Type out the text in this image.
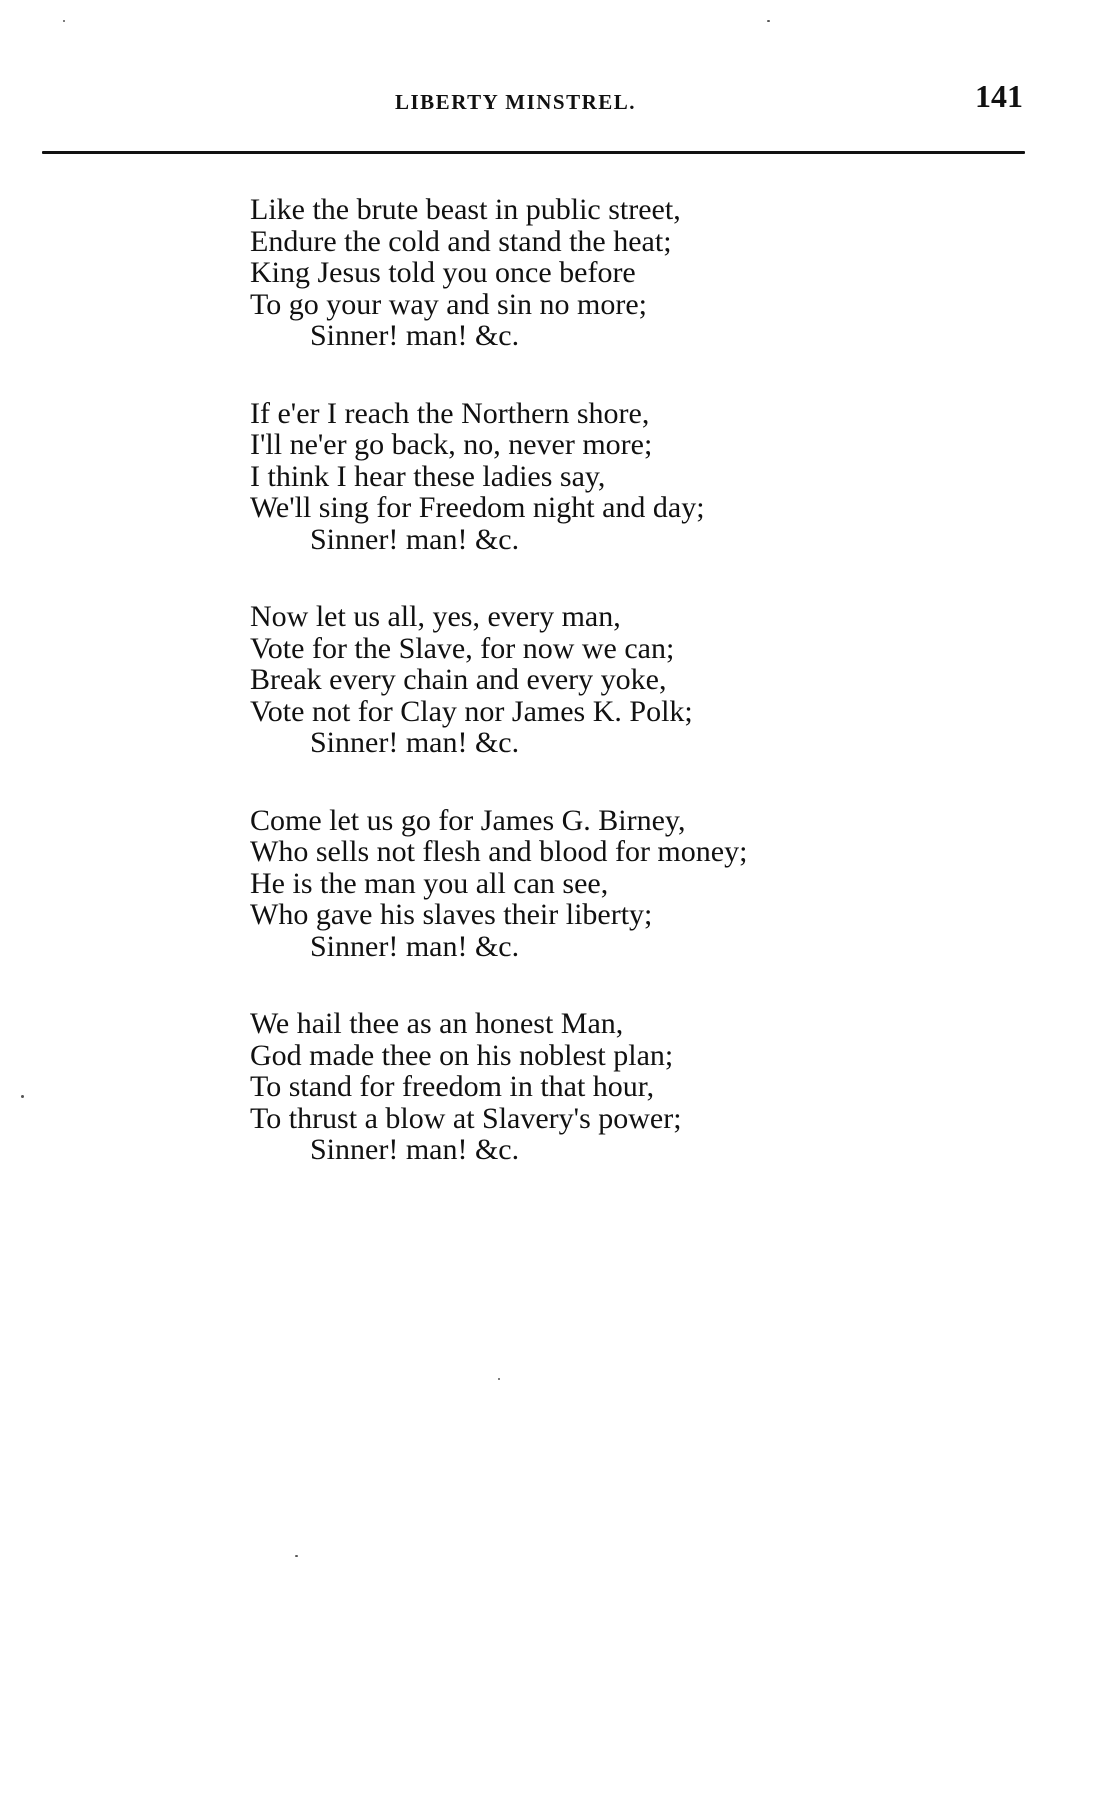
LIBERTY MINSTREL.	141
Like the brute beast in public street,
Endure the cold and stand the heat;
King Jesus told you once before
To go your way and sin no more;
Sinner! man! &c.
If e'er I reach the Northern shore,
I'll ne'er go back, no, never more;
I think I hear these ladies say,
We'll sing for Freedom night and day;
Sinner! man! &c.
Now let us all, yes, every man,
Vote for the Slave, for now we can;
Break every chain and every yoke,
Vote not for Clay nor James K. Polk;
Sinner! man! &c.
Come let us go for James G. Birney,
Who sells not flesh and blood for money;
He is the man you all can see,
Who gave his slaves their liberty;
Sinner! man! &c.
We hail thee as an honest Man,
God made thee on his noblest plan;
To stand for freedom in that hour,
To thrust a blow at Slavery's power;
Sinner! man! &c.
